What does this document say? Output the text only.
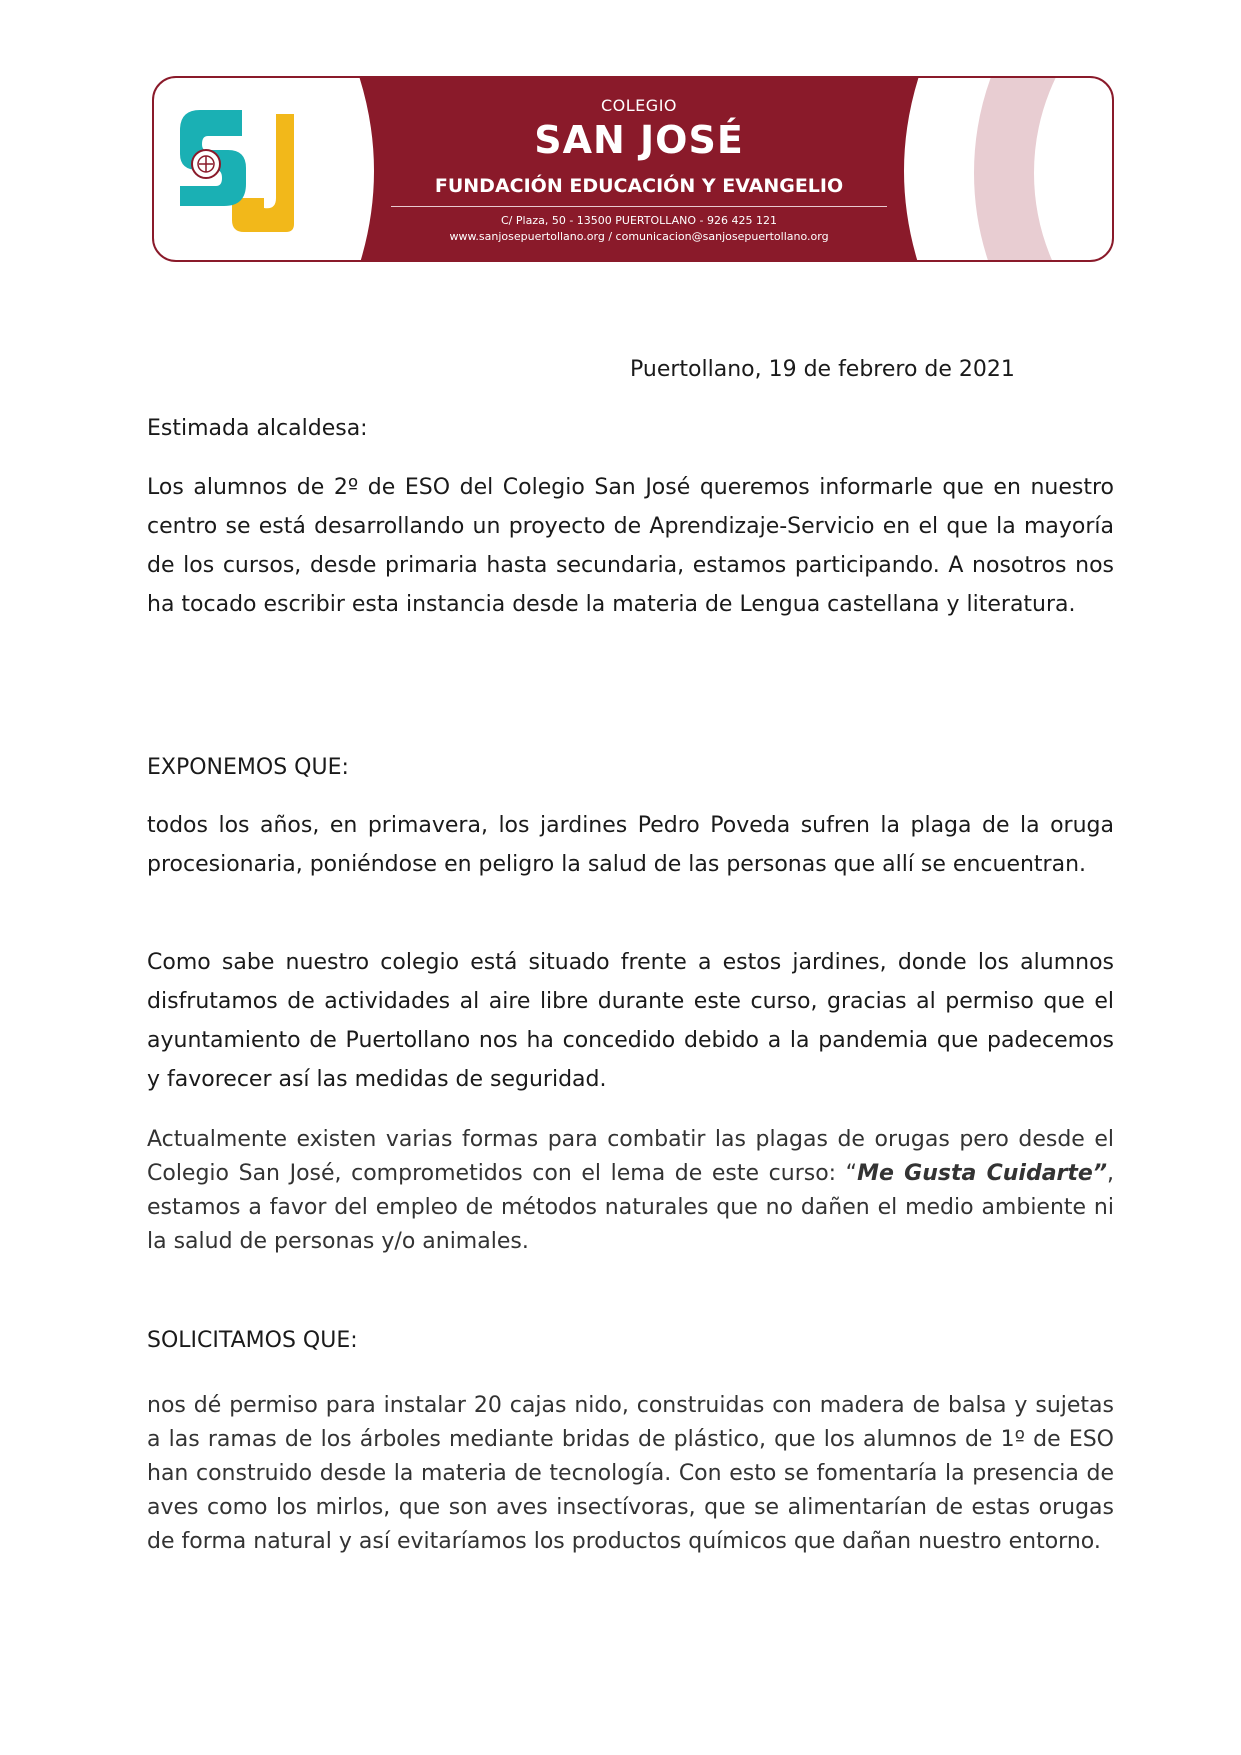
COLEGIO
SAN JOSÉ
FUNDACIÓN EDUCACIÓN Y EVANGELIO
C/ Plaza, 50 - 13500 PUERTOLLANO - 926 425 121
www.sanjosepuertollano.org / comunicacion@sanjosepuertollano.org
Puertollano, 19 de febrero de 2021
Estimada alcaldesa:
Los alumnos de 2º de ESO del Colegio San José queremos informarle que en nuestro centro se está desarrollando un proyecto de Aprendizaje-Servicio en el que la mayoría de los cursos, desde primaria hasta secundaria, estamos participando. A nosotros nos ha tocado escribir esta instancia desde la materia de Lengua castellana y literatura.
EXPONEMOS QUE:
todos los años, en primavera, los jardines Pedro Poveda sufren la plaga de la oruga procesionaria, poniéndose en peligro la salud de las personas que allí se encuentran.
Como sabe nuestro colegio está situado frente a estos jardines, donde los alumnos disfrutamos de actividades al aire libre durante este curso, gracias al permiso que el ayuntamiento de Puertollano nos ha concedido debido a la pandemia que padecemos y favorecer así las medidas de seguridad.
Actualmente existen varias formas para combatir las plagas de orugas pero desde el Colegio San José, comprometidos con el lema de este curso: “Me Gusta Cuidarte”, estamos a favor del empleo de métodos naturales que no dañen el medio ambiente ni la salud de personas y/o animales.
SOLICITAMOS QUE:
nos dé permiso para instalar 20 cajas nido, construidas con madera de balsa y sujetas a las ramas de los árboles mediante bridas de plástico, que los alumnos de 1º de ESO han construido desde la materia de tecnología. Con esto se fomentaría la presencia de aves como los mirlos, que son aves insectívoras, que se alimentarían de estas orugas de forma natural y así evitaríamos los productos químicos que dañan nuestro entorno.
